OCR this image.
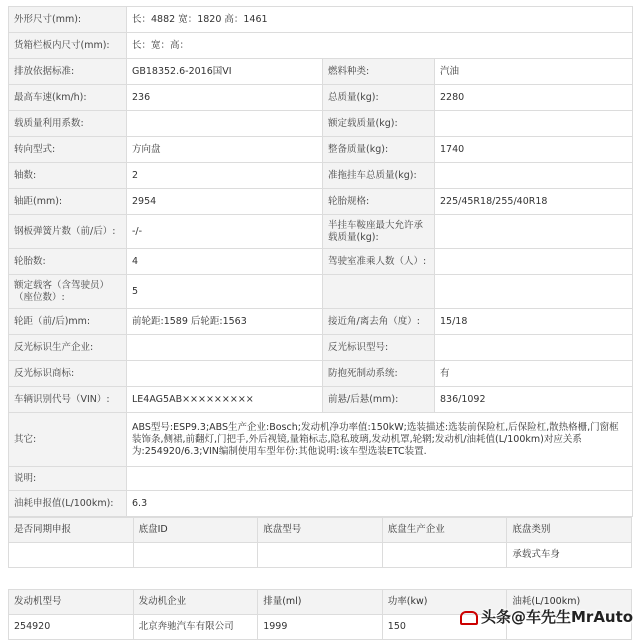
外形尺寸(mm):	长：4882 宽：1820 高：1461		
货箱栏板内尺寸(mm):	长：宽：高：		
排放依据标准:	GB18352.6-2016国VI	燃料种类:	汽油
最高车速(km/h):	236	总质量(kg):	2280
载质量利用系数:		额定载质量(kg):	
转向型式:	方向盘	整备质量(kg):	1740
轴数:	2	准拖挂车总质量(kg):	
轴距(mm):	2954	轮胎规格:	225/45R18/255/40R18
钢板弹簧片数（前/后）:	-/-	半挂车鞍座最大允许承载质量(kg):	
轮胎数:	4	驾驶室准乘人数（人）:	
额定载客（含驾驶员）（座位数）:	5		
轮距（前/后)mm:	前轮距:1589 后轮距:1563	接近角/离去角（度）:	15/18
反光标识生产企业:		反光标识型号:	
反光标识商标:		防抱死制动系统:	有
车辆识别代号（VIN）:	LE4AG5AB×××××××××	前悬/后悬(mm):	836/1092
其它:	ABS型号:ESP9.3;ABS生产企业:Bosch;发动机净功率值:150kW;选装描述:选装前保险杠,后保险杠,散热格栅,门窗框装饰条,侧裙,前翻灯,门把手,外后视镜,量箱标志,隐私玻璃,发动机罩,轮辋;发动机/油耗值(L/100km)对应关系为:254920/6.3;VIN编制使用车型年份:其他说明:该车型选装ETC装置.		
说明:			
油耗申报值(L/100km):	6.3		
是否同期申报	底盘ID	底盘型号	底盘生产企业	底盘类别
				承载式车身
发动机型号	发动机企业	排量(ml)	功率(kw)	油耗(L/100km)
254920	北京奔驰汽车有限公司	1999	150	
头条@车先生MrAuto
